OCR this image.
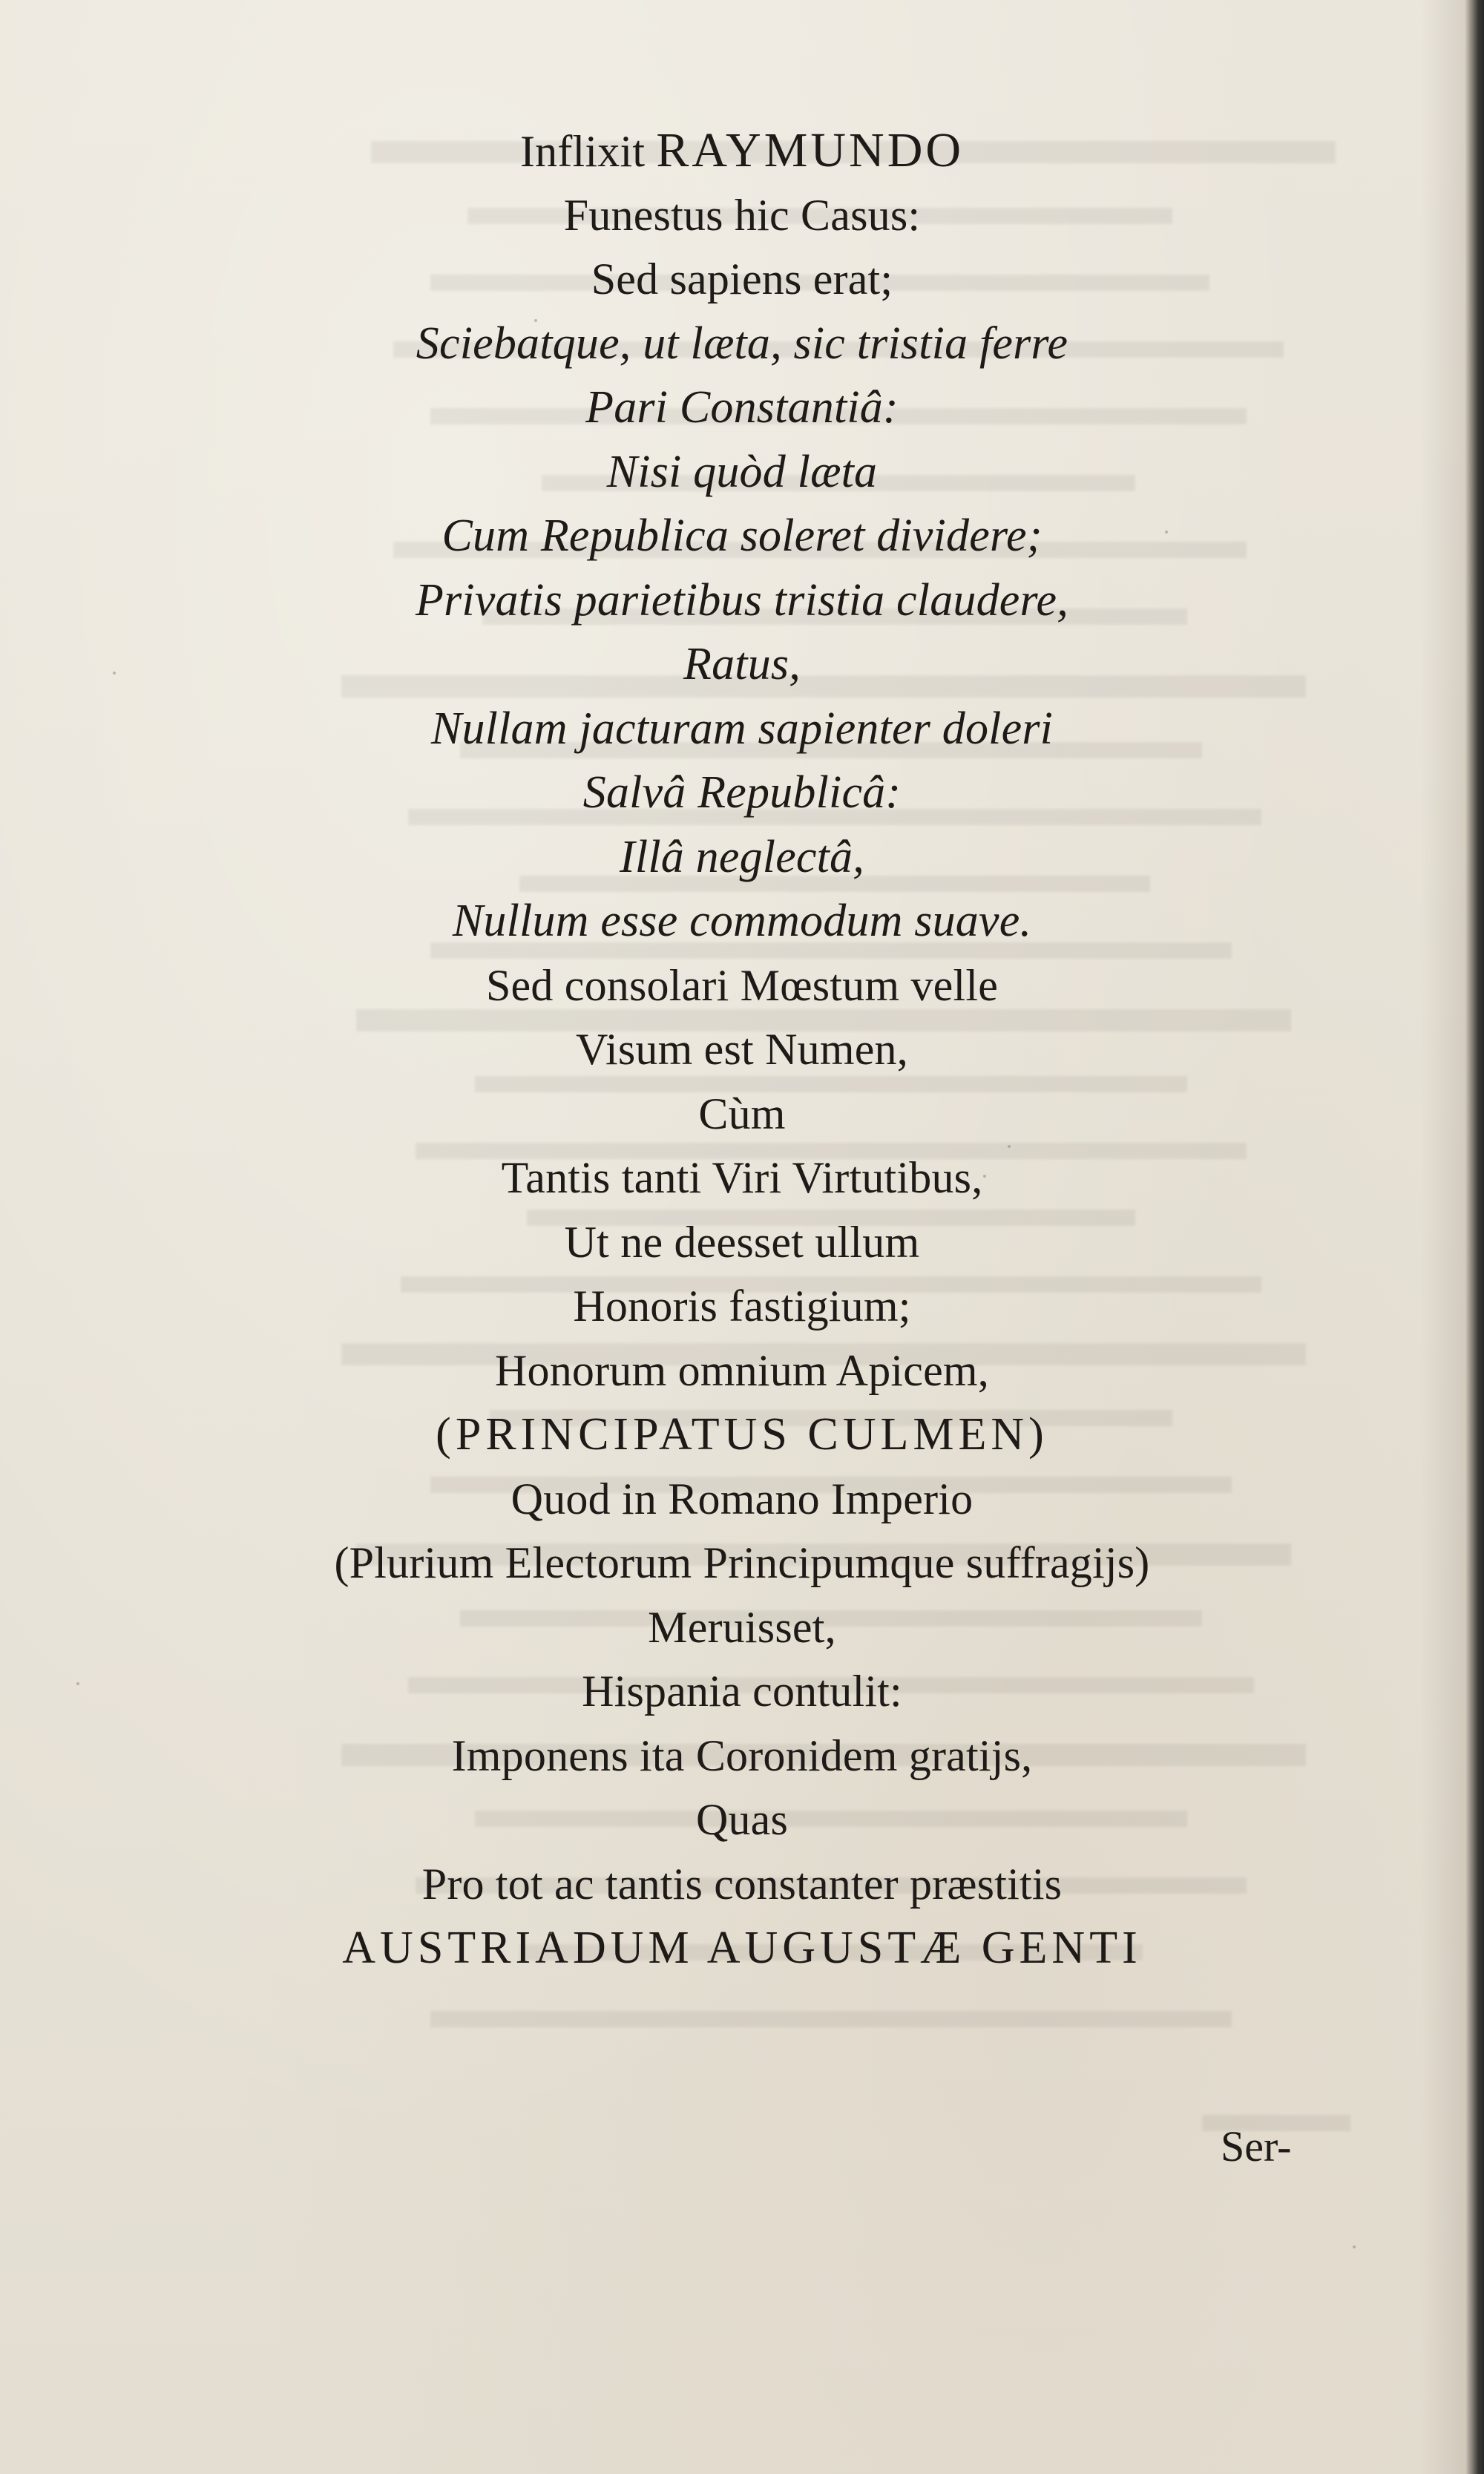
Inflixit RAYMUNDO
Funestus hic Casus:
Sed sapiens erat;
Sciebatque, ut læta, sic tristia ferre
Pari Constantiâ:
Nisi quòd læta
Cum Republica soleret dividere;
Privatis parietibus tristia claudere,
Ratus,
Nullam jacturam sapienter doleri
Salvâ Republicâ:
Illâ neglectâ,
Nullum esse commodum suave.
Sed consolari Mœstum velle
Visum est Numen,
Cùm
Tantis tanti Viri Virtutibus,
Ut ne deesset ullum
Honoris fastigium;
Honorum omnium Apicem,
(PRINCIPATUS CULMEN)
Quod in Romano Imperio
(Plurium Electorum Principumque suffragijs)
Meruisset,
Hispania contulit:
Imponens ita Coronidem gratijs,
Quas
Pro tot ac tantis constanter præstitis
AUSTRIADUM AUGUSTÆ GENTI
Ser-
